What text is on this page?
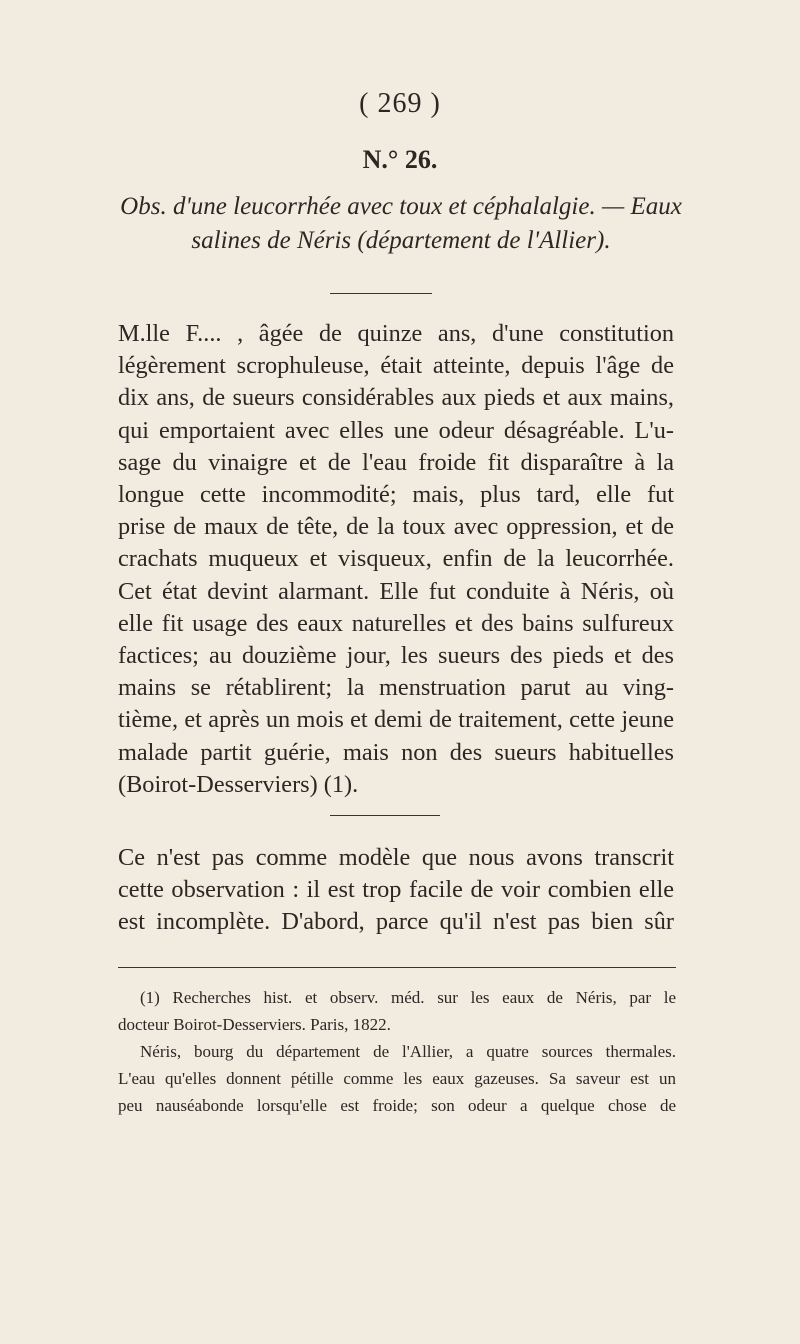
( 269 )
N.° 26.
Obs. d'une leucorrhée avec toux et céphalalgie. — Eaux
salines de Néris (département de l'Allier).
M.lle F.... , âgée de quinze ans, d'une constitution
légèrement scrophuleuse, était atteinte, depuis l'âge de
dix ans, de sueurs considérables aux pieds et aux mains,
qui emportaient avec elles une odeur désagréable. L'u-
sage du vinaigre et de l'eau froide fit disparaître à la
longue cette incommodité; mais, plus tard, elle fut
prise de maux de tête, de la toux avec oppression, et de
crachats muqueux et visqueux, enfin de la leucorrhée.
Cet état devint alarmant. Elle fut conduite à Néris, où
elle fit usage des eaux naturelles et des bains sulfureux
factices; au douzième jour, les sueurs des pieds et des
mains se rétablirent; la menstruation parut au ving-
tième, et après un mois et demi de traitement, cette jeune
malade partit guérie, mais non des sueurs habituelles
(Boirot-Desserviers) (1).
Ce n'est pas comme modèle que nous avons transcrit
cette observation : il est trop facile de voir combien elle
est incomplète. D'abord, parce qu'il n'est pas bien sûr
(1) Recherches hist. et observ. méd. sur les eaux de Néris, par le
docteur Boirot-Desserviers. Paris, 1822.
Néris, bourg du département de l'Allier, a quatre sources thermales.
L'eau qu'elles donnent pétille comme les eaux gazeuses. Sa saveur est un
peu nauséabonde lorsqu'elle est froide; son odeur a quelque chose de
